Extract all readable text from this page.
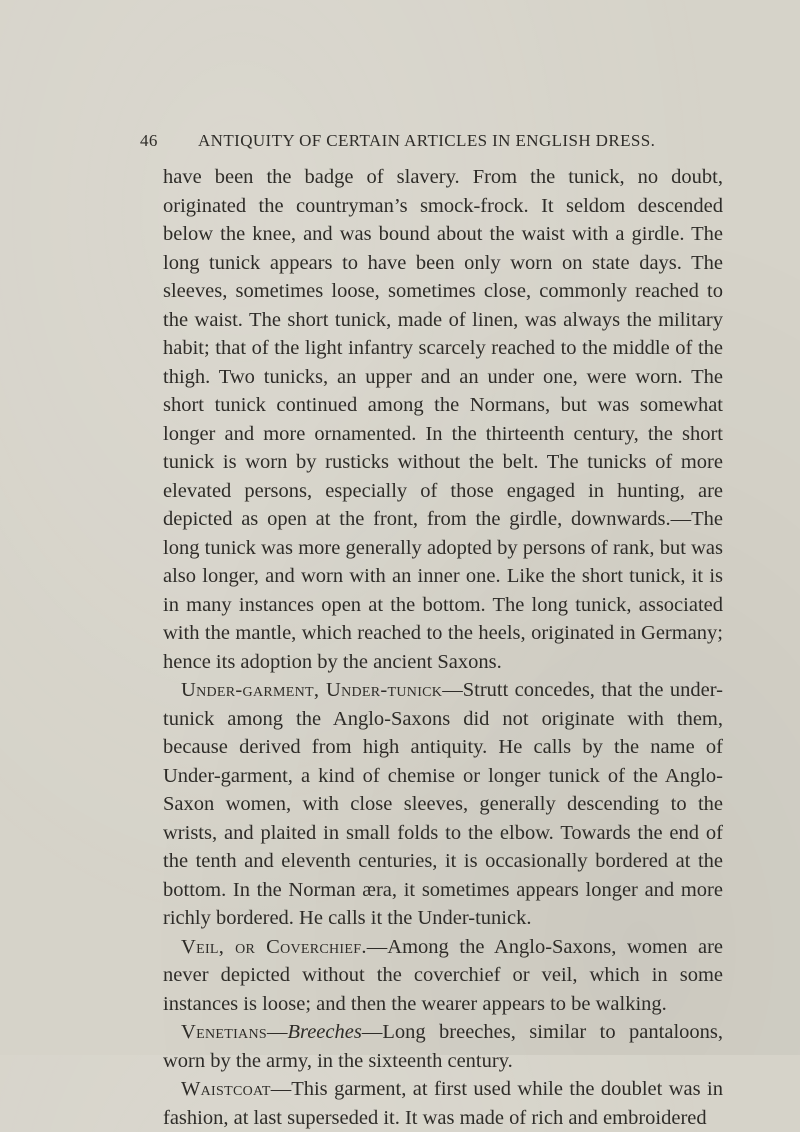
46 ANTIQUITY OF CERTAIN ARTICLES IN ENGLISH DRESS.

have been the badge of slavery. From the tunick, no doubt, originated the countryman’s smock-frock. It seldom descended below the knee, and was bound about the waist with a girdle. The long tunick appears to have been only worn on state days. The sleeves, sometimes loose, sometimes close, commonly reached to the waist. The short tunick, made of linen, was always the military habit; that of the light infantry scarcely reached to the middle of the thigh. Two tunicks, an upper and an under one, were worn. The short tunick continued among the Normans, but was somewhat longer and more ornamented. In the thirteenth century, the short tunick is worn by rusticks without the belt. The tunicks of more elevated persons, especially of those engaged in hunting, are depicted as open at the front, from the girdle, downwards.—The long tunick was more generally adopted by persons of rank, but was also longer, and worn with an inner one. Like the short tunick, it is in many instances open at the bottom. The long tunick, associated with the mantle, which reached to the heels, originated in Germany; hence its adoption by the ancient Saxons.

Under-garment, Under-tunick—Strutt concedes, that the under-tunick among the Anglo-Saxons did not originate with them, because derived from high antiquity. He calls by the name of Under-garment, a kind of chemise or longer tunick of the Anglo-Saxon women, with close sleeves, generally descending to the wrists, and plaited in small folds to the elbow. Towards the end of the tenth and eleventh centuries, it is occasionally bordered at the bottom. In the Norman æra, it sometimes appears longer and more richly bordered. He calls it the Under-tunick.

Veil, or Coverchief.—Among the Anglo-Saxons, women are never depicted without the coverchief or veil, which in some instances is loose; and then the wearer appears to be walking.

Venetians—Breeches—Long breeches, similar to pantaloons, worn by the army, in the sixteenth century.

Waistcoat—This garment, at first used while the doublet was in fashion, at last superseded it. It was made of rich and embroidered
